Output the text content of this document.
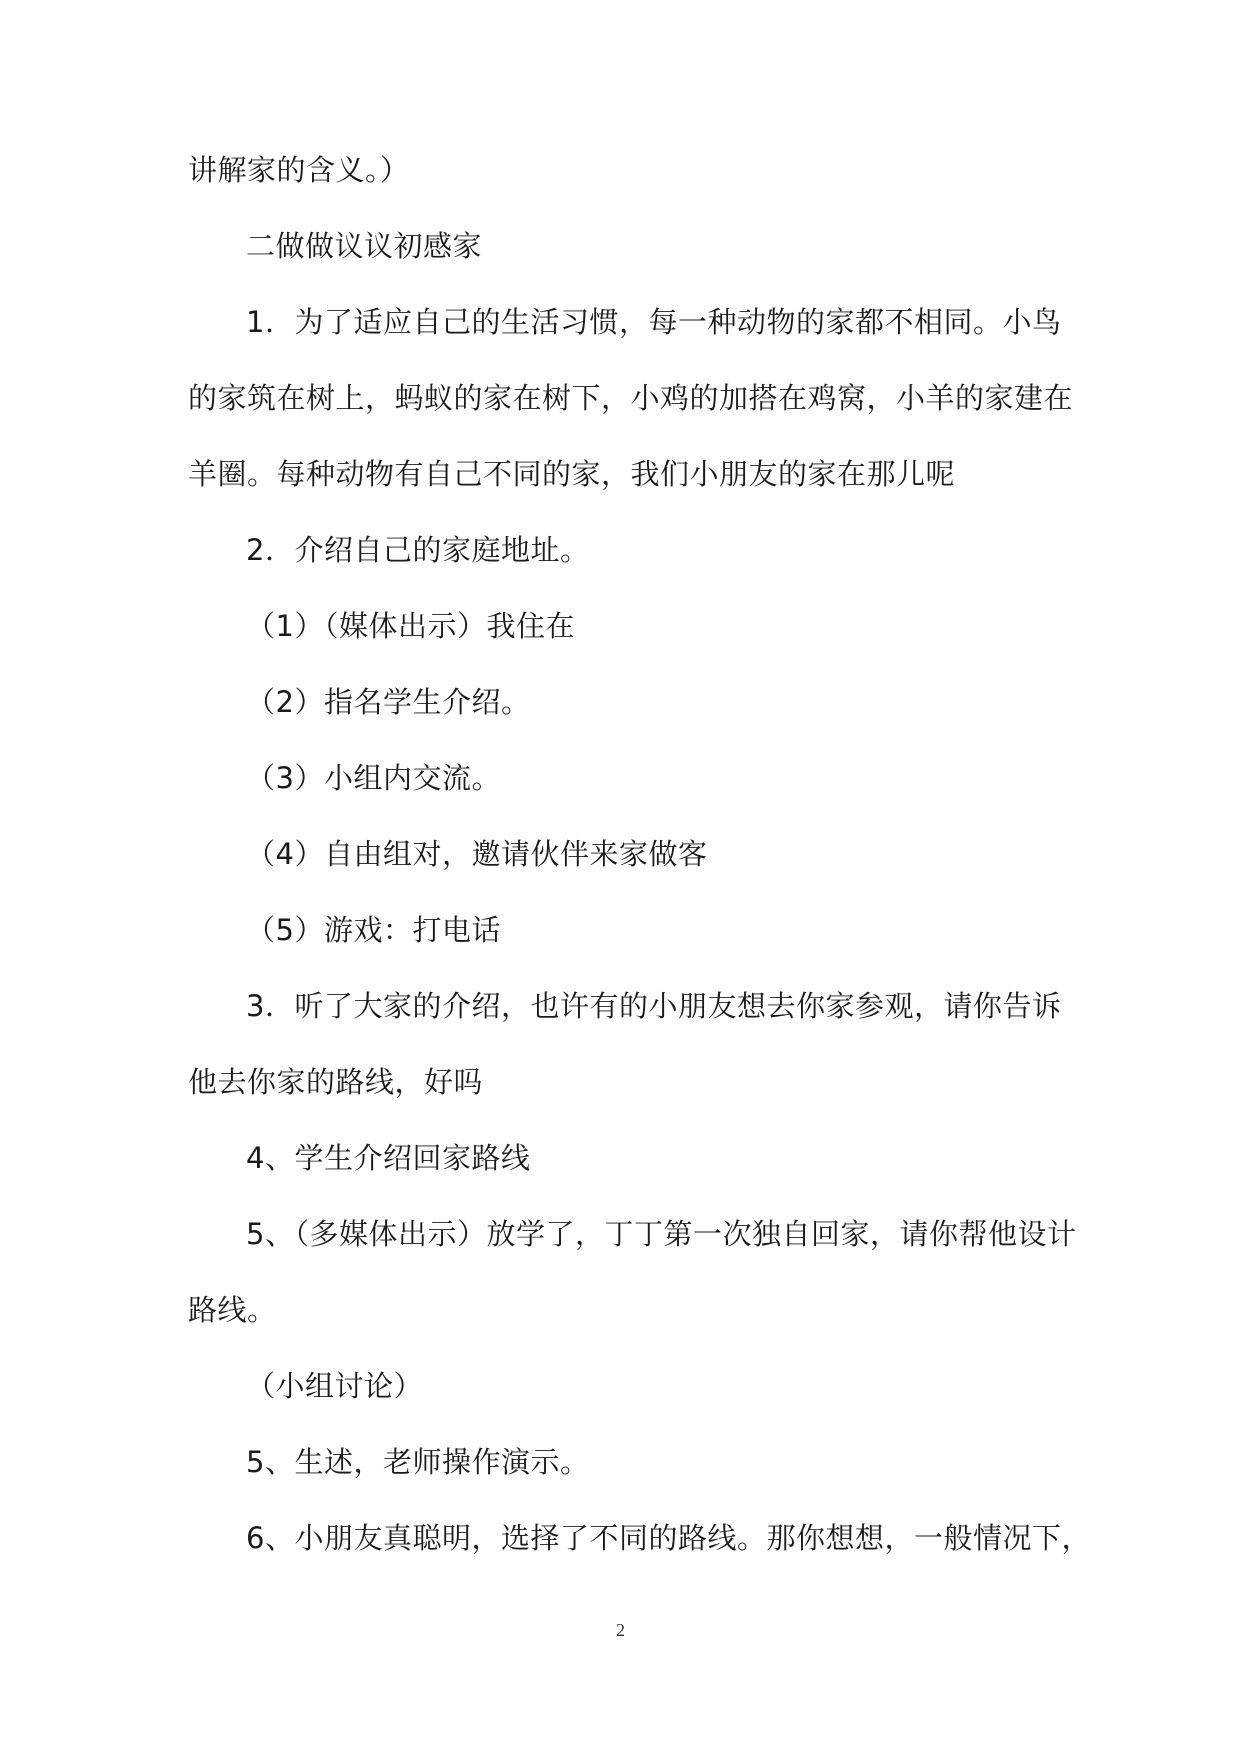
讲解家的含义。）
二做做议议初感家
1．为了适应自己的生活习惯，每一种动物的家都不相同。小鸟
的家筑在树上，蚂蚁的家在树下，小鸡的加搭在鸡窝，小羊的家建在
羊圈。每种动物有自己不同的家，我们小朋友的家在那儿呢
2．介绍自己的家庭地址。
（1）（媒体出示）我住在
（2）指名学生介绍。
（3）小组内交流。
（4）自由组对，邀请伙伴来家做客
（5）游戏：打电话
3．听了大家的介绍，也许有的小朋友想去你家参观，请你告诉
他去你家的路线，好吗
4、学生介绍回家路线
5、（多媒体出示）放学了，丁丁第一次独自回家，请你帮他设计
路线。
（小组讨论）
5、生述，老师操作演示。
6、小朋友真聪明，选择了不同的路线。那你想想，一般情况下，
2
